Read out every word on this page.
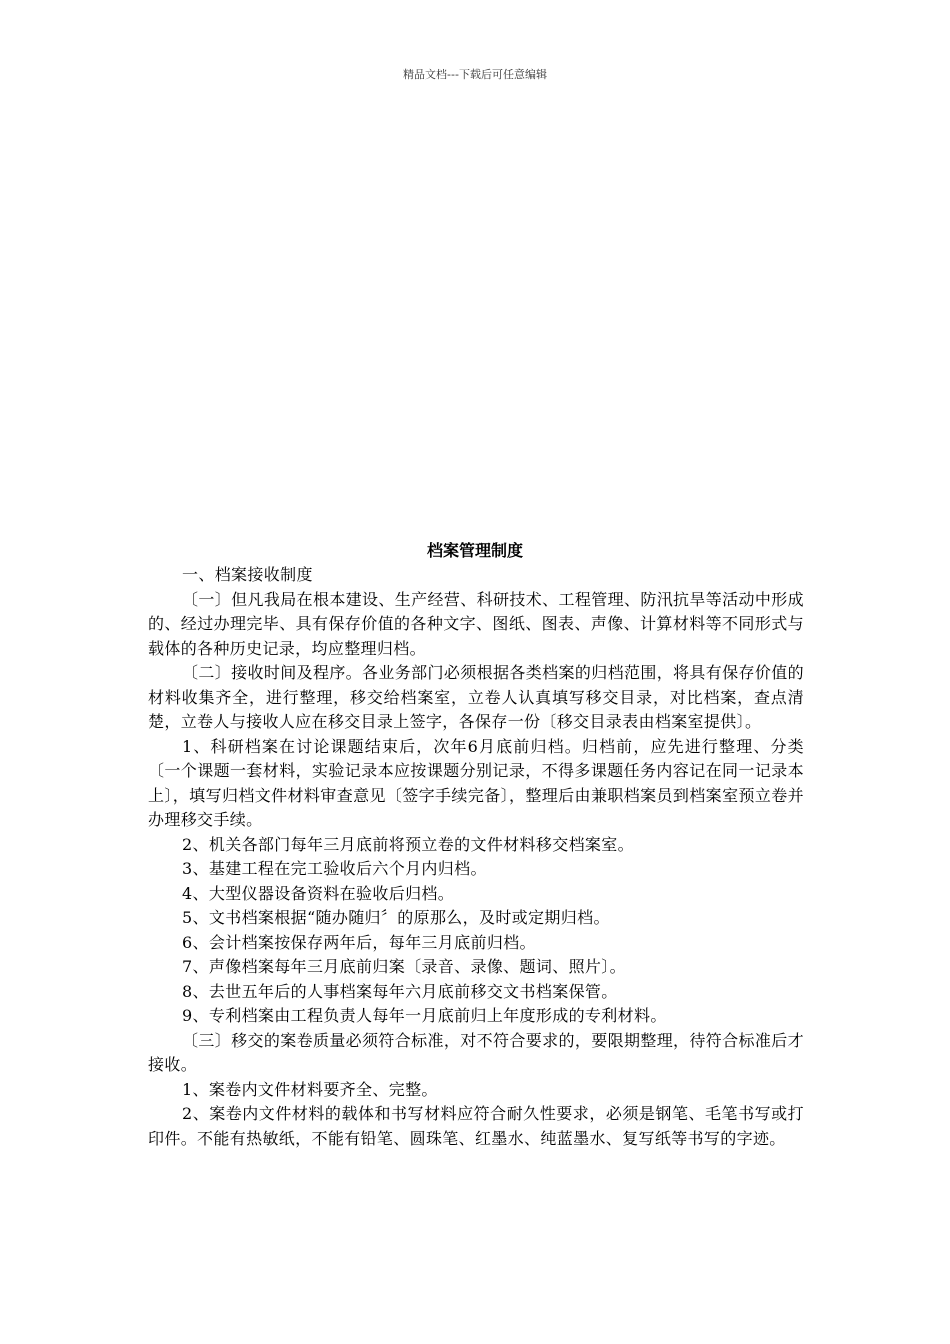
精品文档---下载后可任意编辑
档案管理制度

一、档案接收制度

〔一〕但凡我局在根本建设、生产经营、科研技术、工程管理、防汛抗旱等活动中形成的、经过办理完毕、具有保存价值的各种文字、图纸、图表、声像、计算材料等不同形式与载体的各种历史记录，均应整理归档。

〔二〕接收时间及程序。各业务部门必须根据各类档案的归档范围，将具有保存价值的材料收集齐全，进行整理，移交给档案室，立卷人认真填写移交目录，对比档案，查点清楚，立卷人与接收人应在移交目录上签字，各保存一份〔移交目录表由档案室提供〕。

1、科研档案在讨论课题结束后，次年6月底前归档。归档前，应先进行整理、分类〔一个课题一套材料，实验记录本应按课题分别记录，不得多课题任务内容记在同一记录本上〕，填写归档文件材料审查意见〔签字手续完备〕，整理后由兼职档案员到档案室预立卷并办理移交手续。

2、机关各部门每年三月底前将预立卷的文件材料移交档案室。

3、基建工程在完工验收后六个月内归档。

4、大型仪器设备资料在验收后归档。

5、文书档案根据“随办随归〞的原那么，及时或定期归档。

6、会计档案按保存两年后，每年三月底前归档。

7、声像档案每年三月底前归案〔录音、录像、题词、照片〕。

8、去世五年后的人事档案每年六月底前移交文书档案保管。

9、专利档案由工程负责人每年一月底前归上年度形成的专利材料。

〔三〕移交的案卷质量必须符合标准，对不符合要求的，要限期整理，待符合标准后才接收。

1、案卷内文件材料要齐全、完整。

2、案卷内文件材料的载体和书写材料应符合耐久性要求，必须是钢笔、毛笔书写或打印件。不能有热敏纸，不能有铅笔、圆珠笔、红墨水、纯蓝墨水、复写纸等书写的字迹。
